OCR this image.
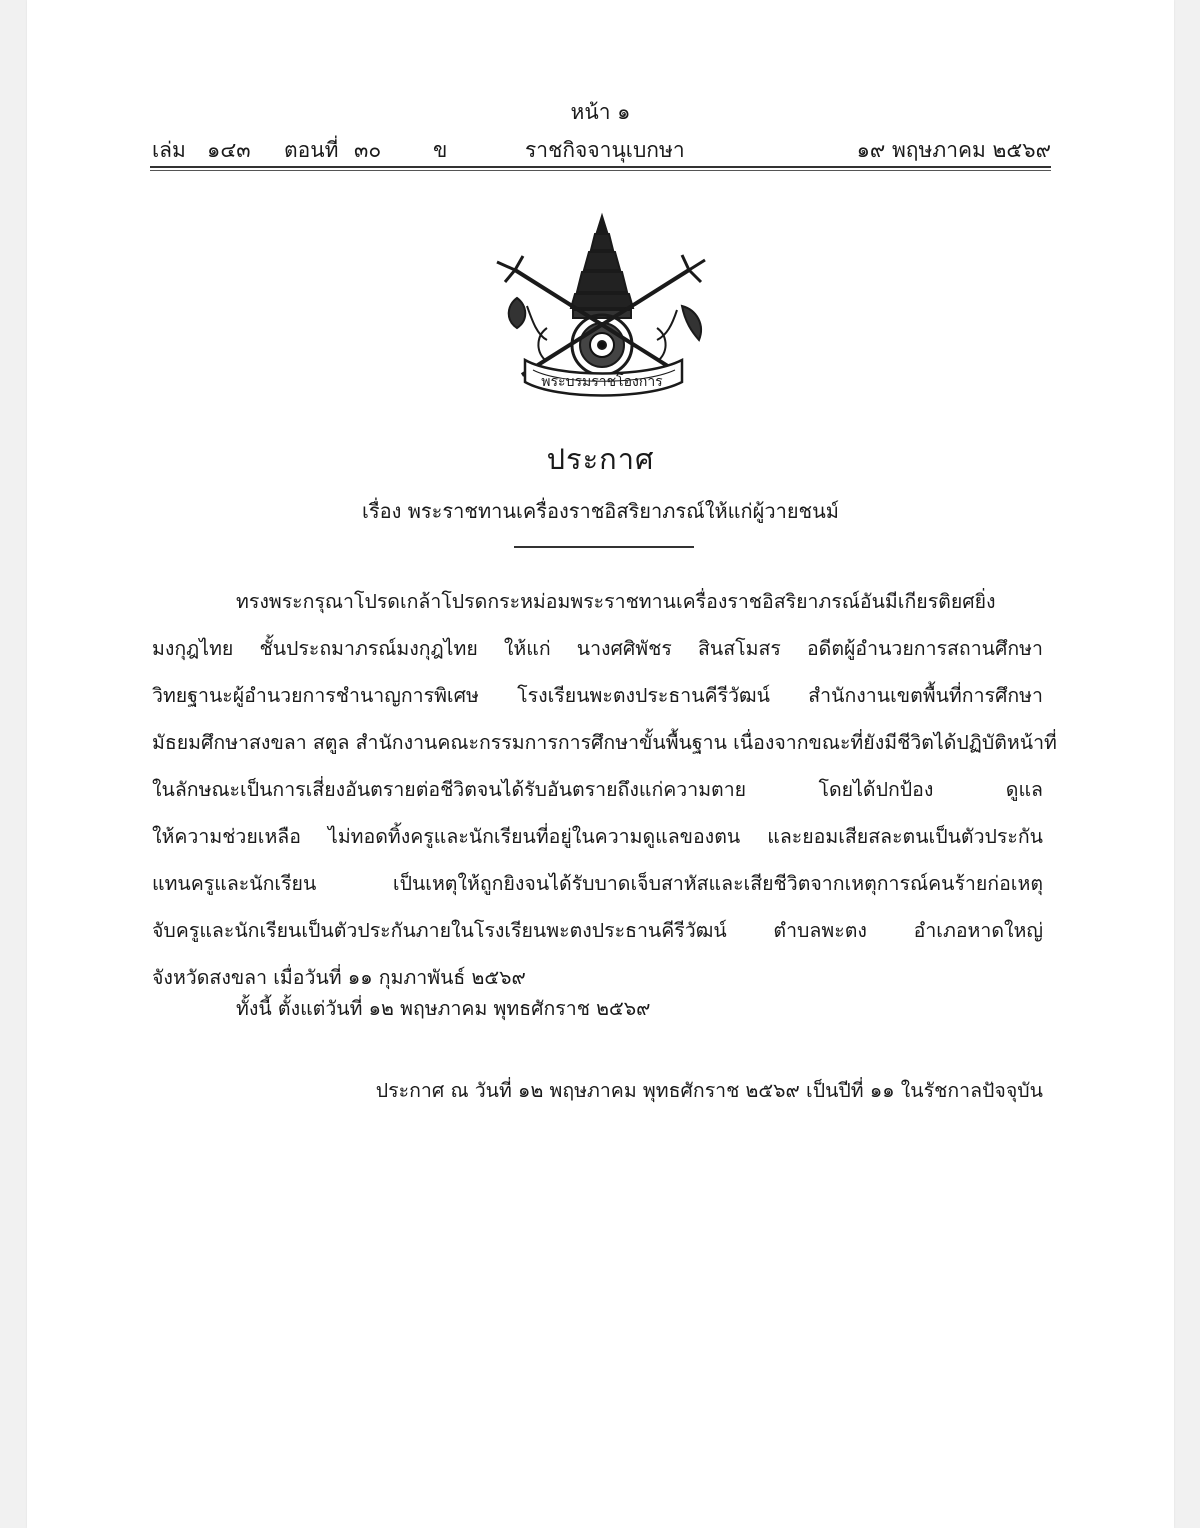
หน้า ๑
เล่ม ๑๔๓ ตอนที่ ๓๐ ข	ราชกิจจานุเบกษา	๑๙ พฤษภาคม ๒๕๖๙
พระบรมราชโองการ
ประกาศ
เรื่อง พระราชทานเครื่องราชอิสริยาภรณ์ให้แก่ผู้วายชนม์
ทรงพระกรุณาโปรดเกล้าโปรดกระหม่อมพระราชทานเครื่องราชอิสริยาภรณ์อันมีเกียรติยศยิ่ง
มงกุฎไทย ชั้นประถมาภรณ์มงกุฎไทย ให้แก่ นางศศิพัชร สินสโมสร อดีตผู้อำนวยการสถานศึกษา
วิทยฐานะผู้อำนวยการชำนาญการพิเศษ โรงเรียนพะตงประธานคีรีวัฒน์ สำนักงานเขตพื้นที่การศึกษา
มัธยมศึกษาสงขลา สตูล สำนักงานคณะกรรมการการศึกษาขั้นพื้นฐาน เนื่องจากขณะที่ยังมีชีวิตได้ปฏิบัติหน้าที่
ในลักษณะเป็นการเสี่ยงอันตรายต่อชีวิตจนได้รับอันตรายถึงแก่ความตาย โดยได้ปกป้อง ดูแล
ให้ความช่วยเหลือ ไม่ทอดทิ้งครูและนักเรียนที่อยู่ในความดูแลของตน และยอมเสียสละตนเป็นตัวประกัน
แทนครูและนักเรียน เป็นเหตุให้ถูกยิงจนได้รับบาดเจ็บสาหัสและเสียชีวิตจากเหตุการณ์คนร้ายก่อเหตุ
จับครูและนักเรียนเป็นตัวประกันภายในโรงเรียนพะตงประธานคีรีวัฒน์ ตำบลพะตง อำเภอหาดใหญ่
จังหวัดสงขลา เมื่อวันที่ ๑๑ กุมภาพันธ์ ๒๕๖๙
ทั้งนี้ ตั้งแต่วันที่ ๑๒ พฤษภาคม พุทธศักราช ๒๕๖๙
ประกาศ ณ วันที่ ๑๒ พฤษภาคม พุทธศักราช ๒๕๖๙ เป็นปีที่ ๑๑ ในรัชกาลปัจจุบัน
